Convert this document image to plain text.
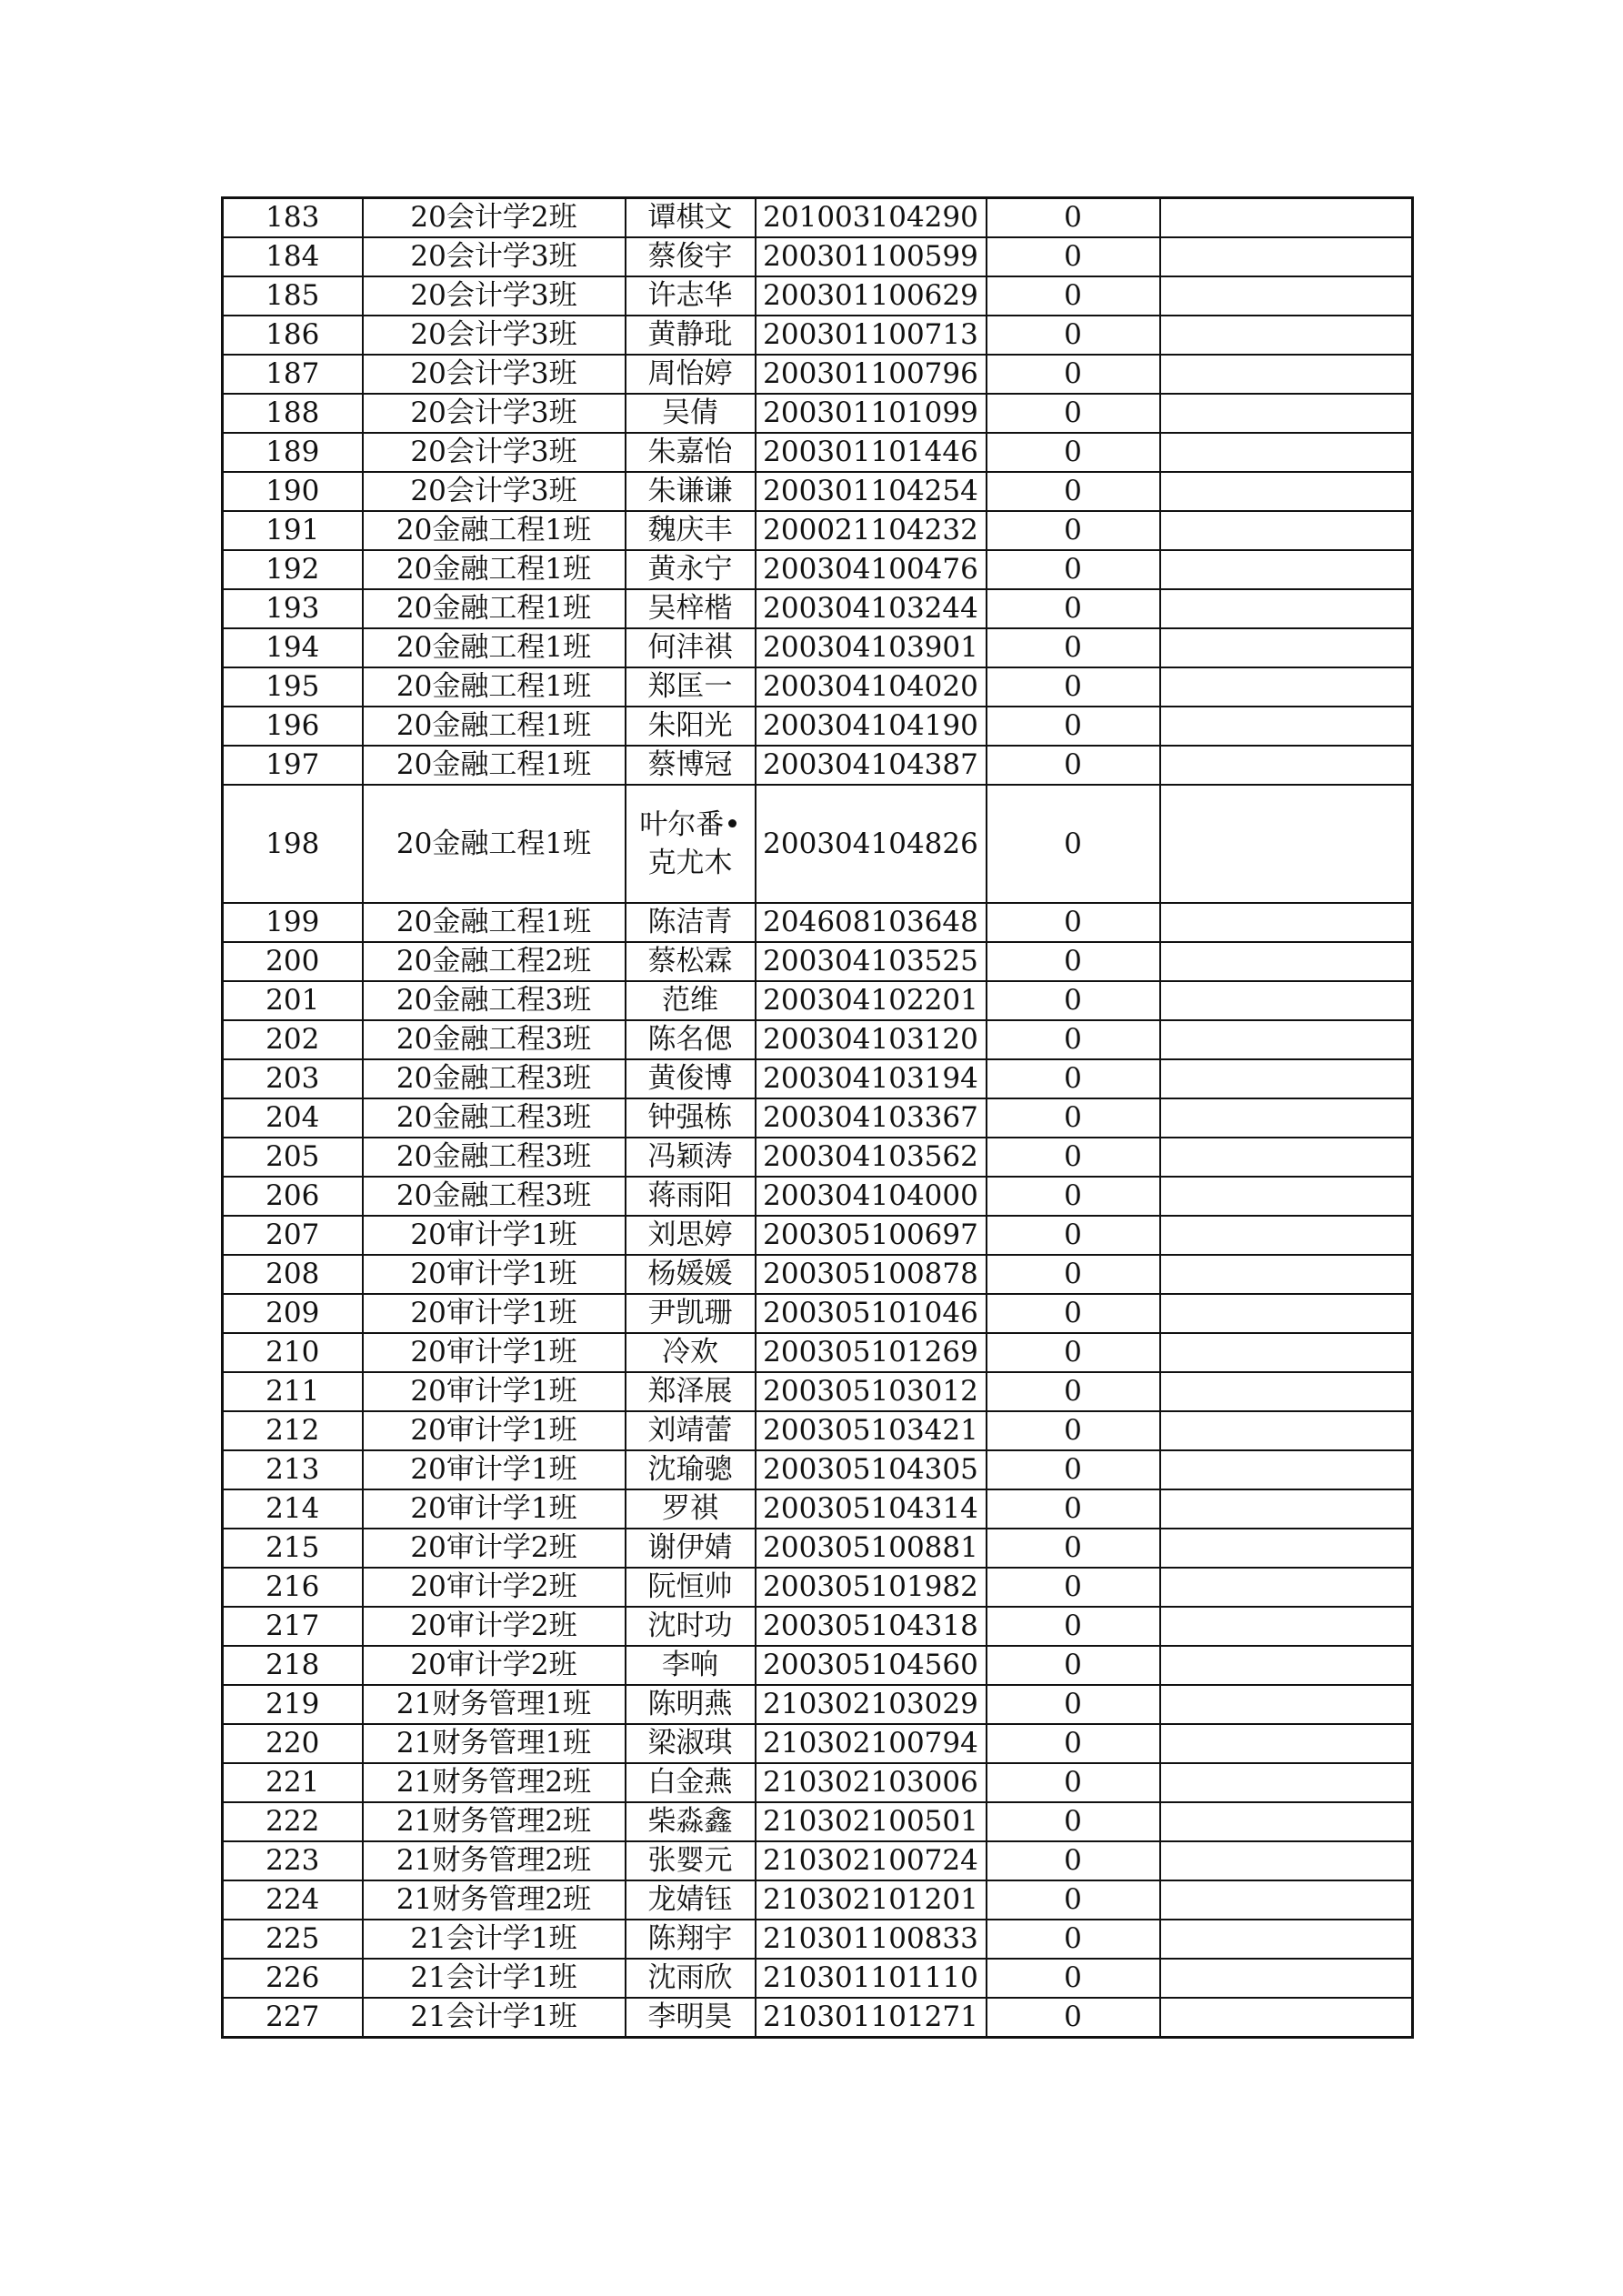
183	20会计学2班	谭棋文	201003104290	0	
184	20会计学3班	蔡俊宇	200301100599	0	
185	20会计学3班	许志华	200301100629	0	
186	20会计学3班	黄静玭	200301100713	0	
187	20会计学3班	周怡婷	200301100796	0	
188	20会计学3班	吴倩	200301101099	0	
189	20会计学3班	朱嘉怡	200301101446	0	
190	20会计学3班	朱谦谦	200301104254	0	
191	20金融工程1班	魏庆丰	200021104232	0	
192	20金融工程1班	黄永宁	200304100476	0	
193	20金融工程1班	吴梓楷	200304103244	0	
194	20金融工程1班	何沣祺	200304103901	0	
195	20金融工程1班	郑匡一	200304104020	0	
196	20金融工程1班	朱阳光	200304104190	0	
197	20金融工程1班	蔡博冠	200304104387	0	
198	20金融工程1班	叶尔番•克尤木	200304104826	0	
199	20金融工程1班	陈洁青	204608103648	0	
200	20金融工程2班	蔡松霖	200304103525	0	
201	20金融工程3班	范维	200304102201	0	
202	20金融工程3班	陈名偲	200304103120	0	
203	20金融工程3班	黄俊博	200304103194	0	
204	20金融工程3班	钟强栋	200304103367	0	
205	20金融工程3班	冯颖涛	200304103562	0	
206	20金融工程3班	蒋雨阳	200304104000	0	
207	20审计学1班	刘思婷	200305100697	0	
208	20审计学1班	杨媛媛	200305100878	0	
209	20审计学1班	尹凯珊	200305101046	0	
210	20审计学1班	冷欢	200305101269	0	
211	20审计学1班	郑泽展	200305103012	0	
212	20审计学1班	刘靖蕾	200305103421	0	
213	20审计学1班	沈瑜骢	200305104305	0	
214	20审计学1班	罗祺	200305104314	0	
215	20审计学2班	谢伊婧	200305100881	0	
216	20审计学2班	阮恒帅	200305101982	0	
217	20审计学2班	沈时功	200305104318	0	
218	20审计学2班	李响	200305104560	0	
219	21财务管理1班	陈明燕	210302103029	0	
220	21财务管理1班	梁淑琪	210302100794	0	
221	21财务管理2班	白金燕	210302103006	0	
222	21财务管理2班	柴淼鑫	210302100501	0	
223	21财务管理2班	张婴元	210302100724	0	
224	21财务管理2班	龙婧钰	210302101201	0	
225	21会计学1班	陈翔宇	210301100833	0	
226	21会计学1班	沈雨欣	210301101110	0	
227	21会计学1班	李明昊	210301101271	0	
